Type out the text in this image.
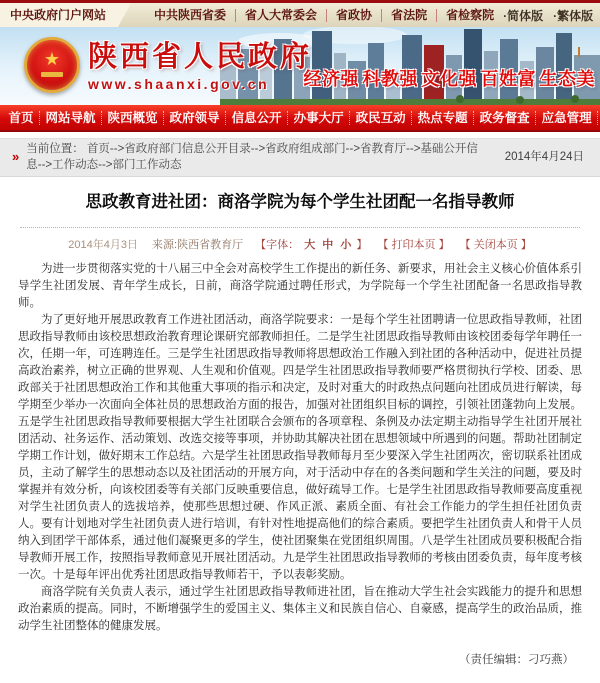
中央政府门户网站	中共陕西省委	省人大常委会	省政协	省法院	省检察院 ·简体版 ·繁体版
★ 陕西省人民政府
www.shaanxi.gov.cn	经济强 科教强 文化强 百姓富 生态美
首页 网站导航 陕西概览 政府领导 信息公开 办事大厅 政民互动 热点专题 政务督查 应急管理
» 当前位置： 首页-->省政府部门信息公开目录-->省政府组成部门-->省教育厅-->基础公开信息-->工作动态-->部门工作动态
2014年4月24日
思政教育进社团：商洛学院为每个学生社团配一名指导教师
2014年4月3日 来源:陕西省教育厅 【字体： 大 中 小 】 【 打印本页 】 【 关闭本页 】

为进一步贯彻落实党的十八届三中全会对高校学生工作提出的新任务、新要求，用社会主义核心价值体系引导学生社团发展、青年学生成长，日前，商洛学院通过聘任形式，为学院每一个学生社团配备一名思政指导教师。

为了更好地开展思政教育工作进社团活动，商洛学院要求：一是每个学生社团聘请一位思政指导教师，社团思政指导教师由该校思想政治教育理论课研究部教师担任。二是学生社团思政指导教师由该校团委每学年聘任一次，任期一年，可连聘连任。三是学生社团思政指导教师将思想政治工作融入到社团的各种活动中，促进社员提高政治素养，树立正确的世界观、人生观和价值观。四是学生社团思政指导教师要严格贯彻执行学校、团委、思政部关于社团思想政治工作和其他重大事项的指示和决定，及时对重大的时政热点问题向社团成员进行解读，每学期至少举办一次面向全体社员的思想政治方面的报告，加强对社团组织目标的调控，引领社团蓬勃向上发展。五是学生社团思政指导教师要根据大学生社团联合会颁布的各项章程、条例及办法定期主动指导学生社团开展社团活动、社务运作、活动策划、改选交接等事项，并协助其解决社团在思想领域中所遇到的问题。帮助社团制定学期工作计划，做好期末工作总结。六是学生社团思政指导教师每月至少要深入学生社团两次，密切联系社团成员，主动了解学生的思想动态以及社团活动的开展方向，对于活动中存在的各类问题和学生关注的问题，要及时掌握并有效分析，向该校团委等有关部门反映重要信息，做好疏导工作。七是学生社团思政指导教师要高度重视对学生社团负责人的选拔培养，使那些思想过硬、作风正派、素质全面、有社会工作能力的学生担任社团负责人。要有计划地对学生社团负责人进行培训，有针对性地提高他们的综合素质。要把学生社团负责人和骨干人员纳入到团学干部体系，通过他们凝聚更多的学生，使社团聚集在党团组织周围。八是学生社团成员要积极配合指导教师开展工作，按照指导教师意见开展社团活动。九是学生社团思政指导教师的考核由团委负责，每年度考核一次。十是每年评出优秀社团思政指导教师若干，予以表彰奖励。

商洛学院有关负责人表示，通过学生社团思政指导教师进社团，旨在推动大学生社会实践能力的提升和思想政治素质的提高。同时，不断增强学生的爱国主义、集体主义和民族自信心、自豪感，提高学生的政治品质，推动学生社团整体的健康发展。

（责任编辑：刁巧燕）
